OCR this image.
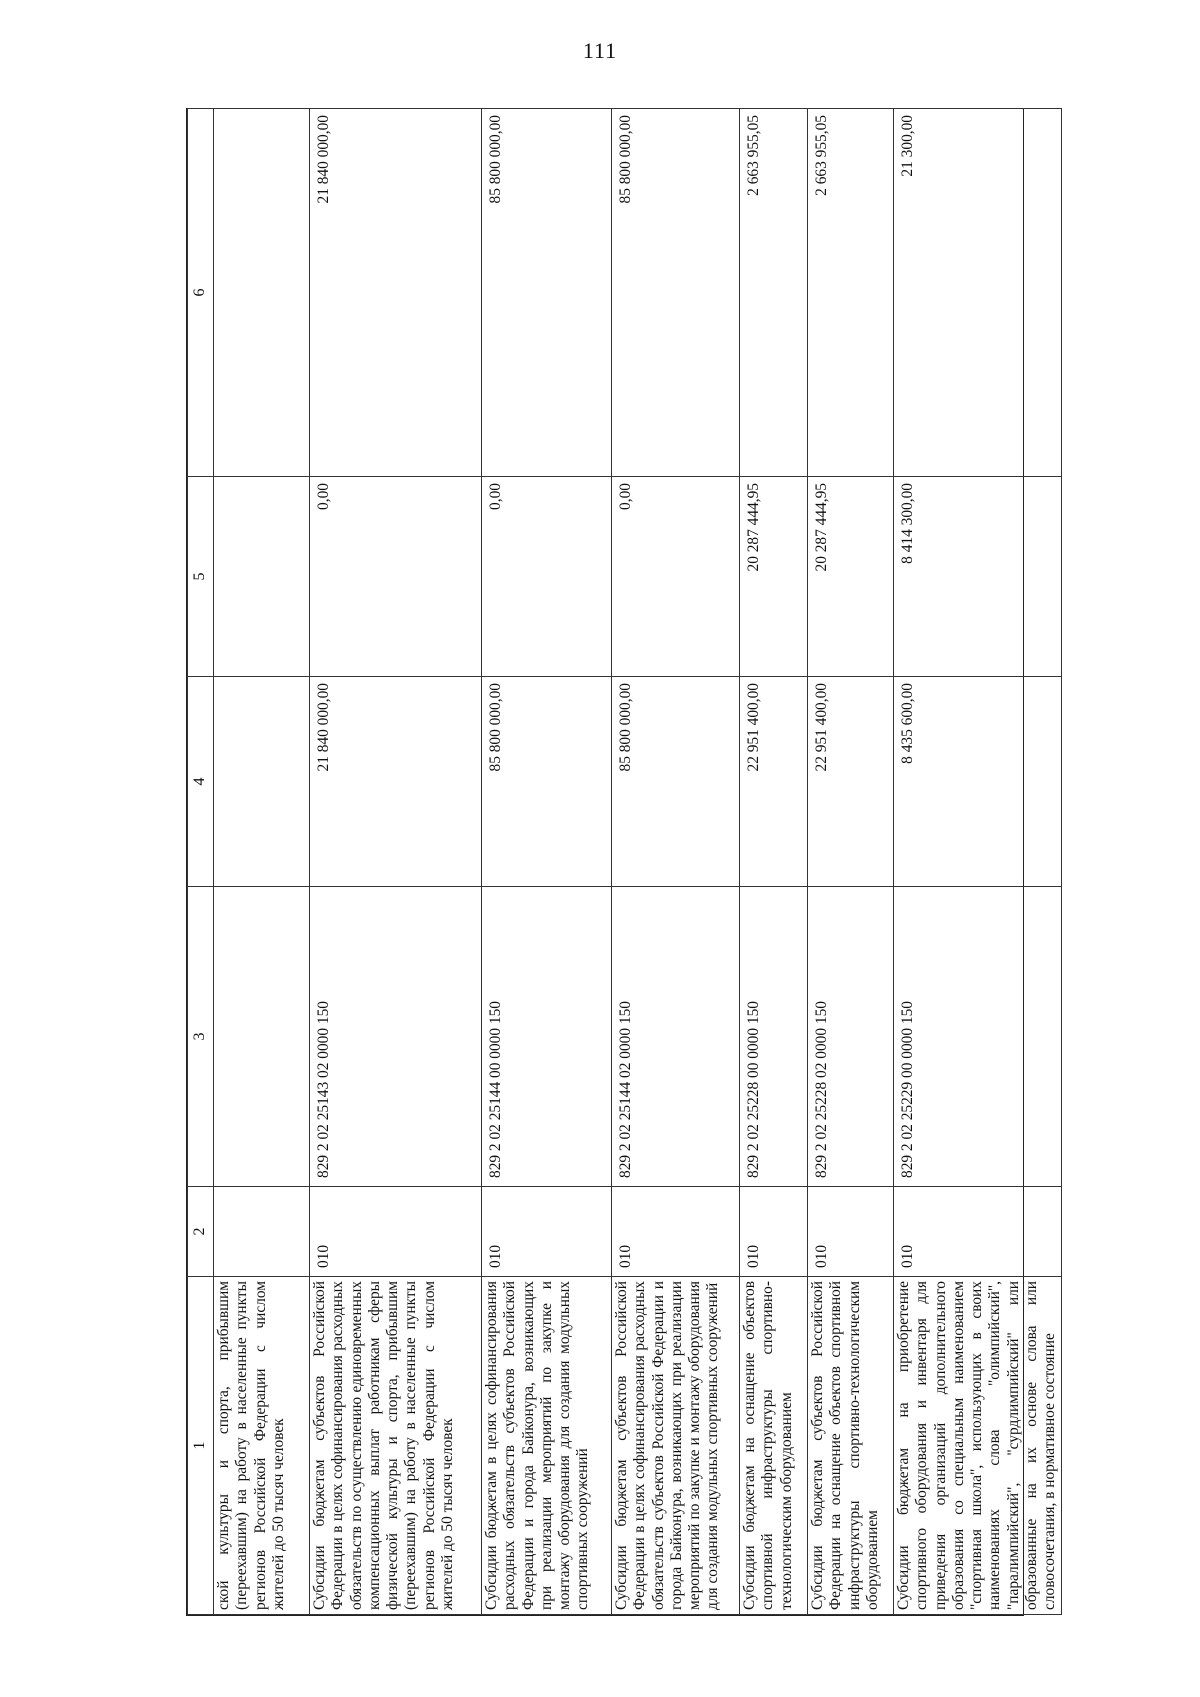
111
1	2	3	4	5	6
ской культуры и спорта, прибывшим (переехавшим) на работу в населенные пункты регионов Российской Федерации с числом жителей до 50 тысяч человек					
Субсидии бюджетам субъектов Российской Федерации в целях софинансирования расходных обязательств по осуществлению единовременных компенсационных выплат работникам сферы физической культуры и спорта, прибывшим (переехавшим) на работу в населенные пункты регионов Российской Федерации с числом жителей до 50 тысяч человек	010	829 2 02 25143 02 0000 150	21 840 000,00	0,00	21 840 000,00
Субсидии бюджетам в целях софинансирования расходных обязательств субъектов Российской Федерации и города Байконура, возникающих при реализации мероприятий по закупке и монтажу оборудования для создания модульных спортивных сооружений	010	829 2 02 25144 00 0000 150	85 800 000,00	0,00	85 800 000,00
Субсидии бюджетам субъектов Российской Федерации в целях софинансирования расходных обязательств субъектов Российской Федерации и города Байконура, возникающих при реализации мероприятий по закупке и монтажу оборудования для создания модульных спортивных сооружений	010	829 2 02 25144 02 0000 150	85 800 000,00	0,00	85 800 000,00
Субсидии бюджетам на оснащение объектов спортивной инфраструктуры спортивно-технологическим оборудованием	010	829 2 02 25228 00 0000 150	22 951 400,00	20 287 444,95	2 663 955,05
Субсидии бюджетам субъектов Российской Федерации на оснащение объектов спортивной инфраструктуры спортивно-технологическим оборудованием	010	829 2 02 25228 02 0000 150	22 951 400,00	20 287 444,95	2 663 955,05
Субсидии бюджетам на приобретение спортивного оборудования и инвентаря для приведения организаций дополнительного образования со специальным наименованием "спортивная школа", использующих в своих наименованиях слова "олимпийский", "паралимпийский", "сурдлимпийский" или образованные на их основе слова или словосочетания, в нормативное состояние	010	829 2 02 25229 00 0000 150	8 435 600,00	8 414 300,00	21 300,00
